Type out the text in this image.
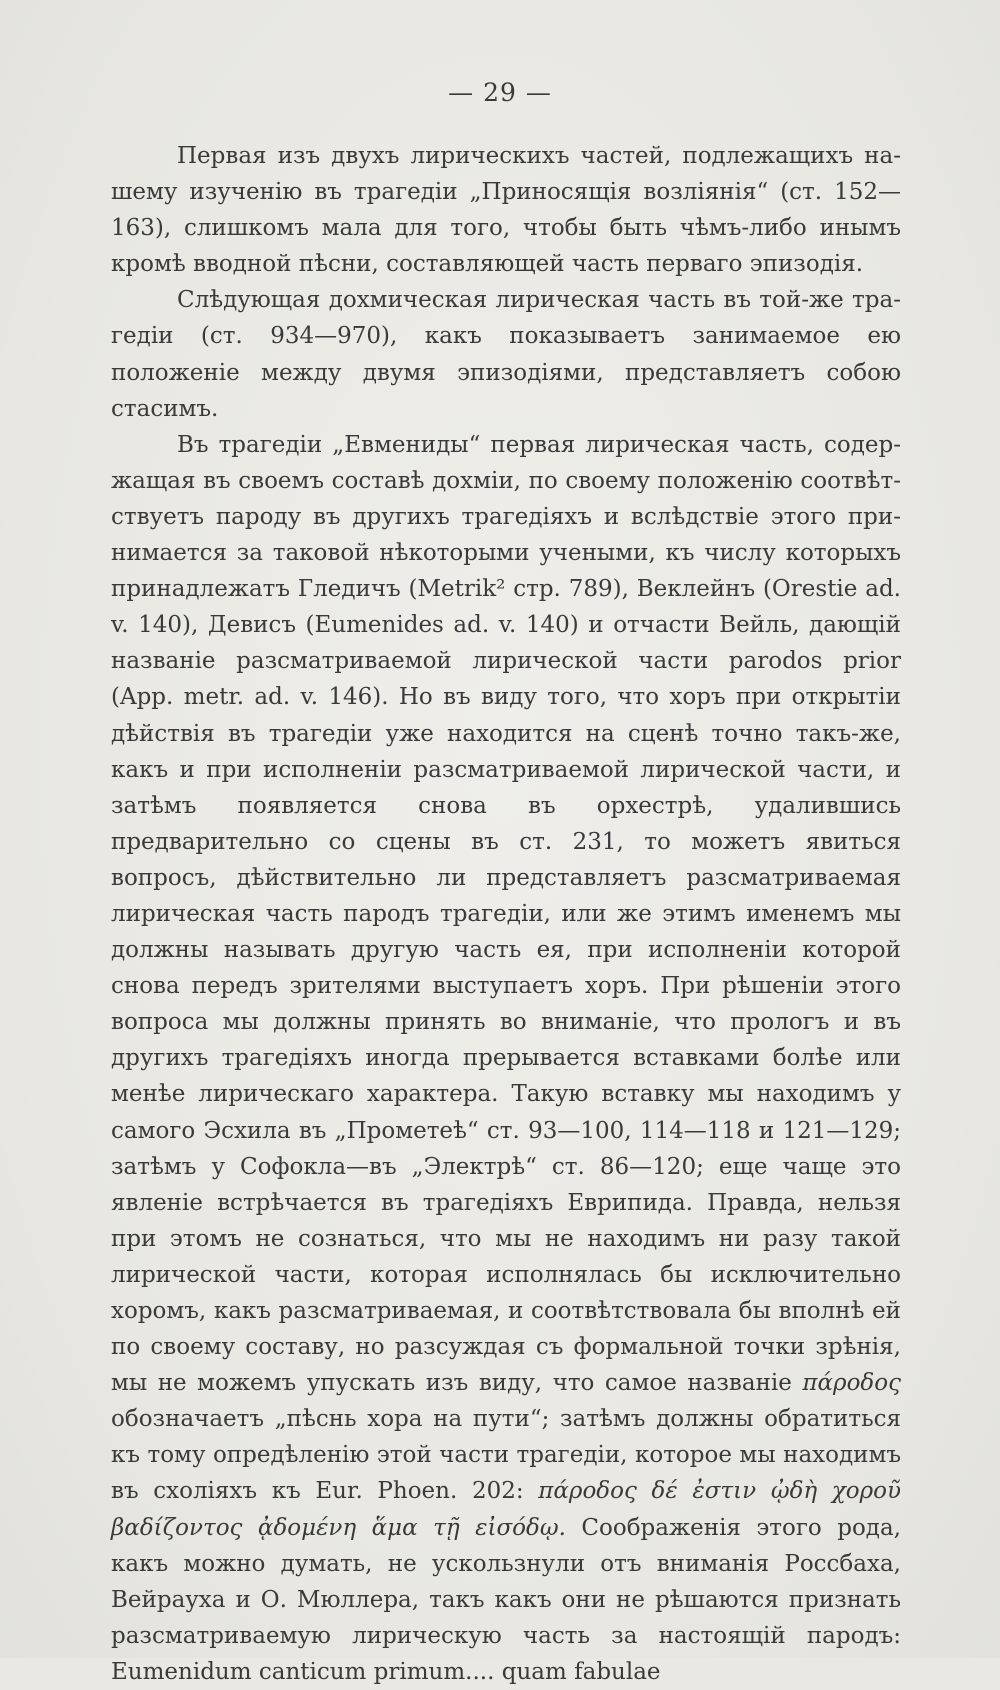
— 29 —

Первая изъ двухъ лирическихъ частей, подлежащихъ нашему изученію въ трагедіи „Приносящія возліянія“ (ст. 152—163), слишкомъ мала для того, чтобы быть чѣмъ-либо инымъ кромѣ вводной пѣсни, составляющей часть перваго эпизодія.

Слѣдующая дохмическая лирическая часть въ той-же трагедіи (ст. 934—970), какъ показываетъ занимаемое ею положеніе между двумя эпизодіями, представляетъ собою стасимъ.

Въ трагедіи „Евмениды“ первая лирическая часть, содержащая въ своемъ составѣ дохміи, по своему положенію соотвѣтствуетъ пароду въ другихъ трагедіяхъ и вслѣдствіе этого принимается за таковой нѣкоторыми учеными, къ числу которыхъ принадлежатъ Гледичъ (Metrik² стр. 789), Веклейнъ (Orestie ad. v. 140), Девисъ (Eumenides ad. v. 140) и отчасти Вейль, дающій названіе разсматриваемой лирической части parodos prior (App. metr. ad. v. 146). Но въ виду того, что хоръ при открытіи дѣйствія въ трагедіи уже находится на сценѣ точно такъ-же, какъ и при исполненіи разсматриваемой лирической части, и затѣмъ появляется снова въ орхестрѣ, удалившись предварительно со сцены въ ст. 231, то можетъ явиться вопросъ, дѣйствительно ли представляетъ разсматриваемая лирическая часть пародъ трагедіи, или же этимъ именемъ мы должны называть другую часть ея, при исполненіи которой снова передъ зрителями выступаетъ хоръ. При рѣшеніи этого вопроса мы должны принять во вниманіе, что прологъ и въ другихъ трагедіяхъ иногда прерывается вставками болѣе или менѣе лирическаго характера. Такую вставку мы находимъ у самого Эсхила въ „Прометеѣ“ ст. 93—100, 114—118 и 121—129; затѣмъ у Софокла—въ „Электрѣ“ ст. 86—120; еще чаще это явленіе встрѣчается въ трагедіяхъ Еврипида. Правда, нельзя при этомъ не сознаться, что мы не находимъ ни разу такой лирической части, которая исполнялась бы исключительно хоромъ, какъ разсматриваемая, и соотвѣтствовала бы вполнѣ ей по своему составу, но разсуждая съ формальной точки зрѣнія, мы не можемъ упускать изъ виду, что самое названіе πάροδος обозначаетъ „пѣснь хора на пути“; затѣмъ должны обратиться къ тому опредѣленію этой части трагедіи, которое мы находимъ въ схоліяхъ къ Eur. Phoen. 202: πάροδος δέ ἐστιν ᾠδὴ χοροῦ βαδίζοντος ᾀδομένη ἅμα τῇ εἰσόδῳ. Соображенія этого рода, какъ можно думать, не ускользнули отъ вниманія Россбаха, Вейрауха и О. Мюллера, такъ какъ они не рѣшаются признать разсматриваемую лирическую часть за настоящій пародъ: Eumenidum canticum primum.... quam fabulae
